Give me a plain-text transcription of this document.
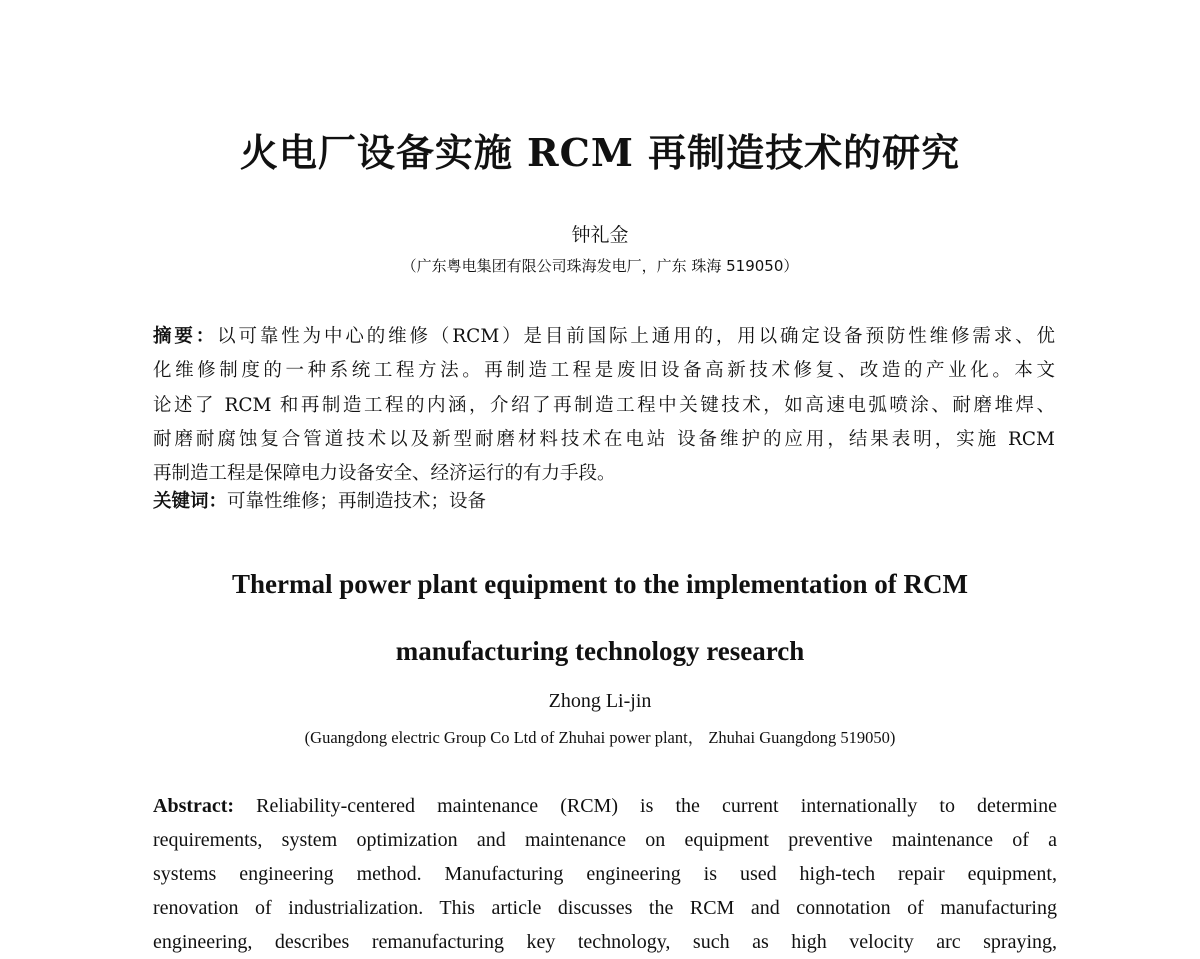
火电厂设备实施 RCM 再制造技术的研究
钟礼金
（广东粤电集团有限公司珠海发电厂，广东 珠海 519050）
摘要：以可靠性为中心的维修（RCM）是目前国际上通用的，用以确定设备预防性维修需求、优
化维修制度的一种系统工程方法。再制造工程是废旧设备高新技术修复、改造的产业化。本文
论述了 RCM 和再制造工程的内涵，介绍了再制造工程中关键技术，如高速电弧喷涂、耐磨堆焊、
耐磨耐腐蚀复合管道技术以及新型耐磨材料技术在电站 设备维护的应用，结果表明，实施 RCM
再制造工程是保障电力设备安全、经济运行的有力手段。
关键词：可靠性维修；再制造技术；设备
Thermal power plant equipment to the implementation of RCM
manufacturing technology research
Zhong Li-jin
(Guangdong electric Group Co Ltd of Zhuhai power plant， Zhuhai Guangdong 519050)
Abstract: Reliability-centered maintenance (RCM) is the current internationally to determine
requirements, system optimization and maintenance on equipment preventive maintenance of a
systems engineering method. Manufacturing engineering is used high-tech repair equipment,
renovation of industrialization. This article discusses the RCM and connotation of manufacturing
engineering, describes remanufacturing key technology, such as high velocity arc spraying,
